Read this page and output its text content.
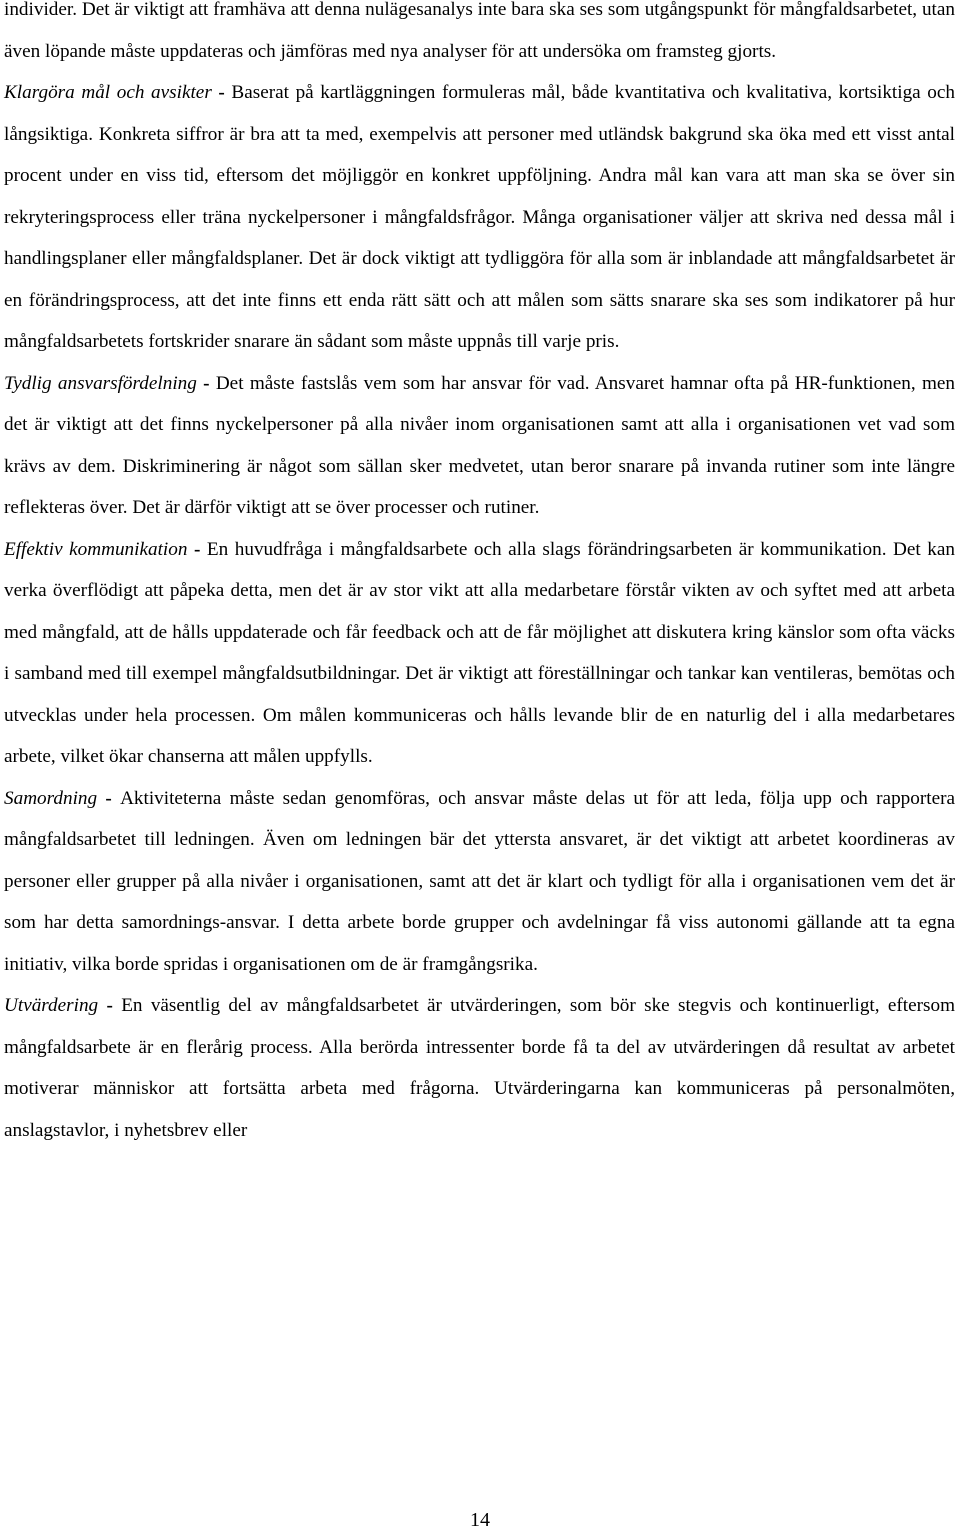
individer. Det är viktigt att framhäva att denna nulägesanalys inte bara ska ses som utgångspunkt för mångfaldsarbetet, utan även löpande måste uppdateras och jämföras med nya analyser för att undersöka om framsteg gjorts.

Klargöra mål och avsikter - Baserat på kartläggningen formuleras mål, både kvantitativa och kvalitativa, kortsiktiga och långsiktiga. Konkreta siffror är bra att ta med, exempelvis att personer med utländsk bakgrund ska öka med ett visst antal procent under en viss tid, eftersom det möjliggör en konkret uppföljning. Andra mål kan vara att man ska se över sin rekryteringsprocess eller träna nyckelpersoner i mångfaldsfrågor. Många organisationer väljer att skriva ned dessa mål i handlingsplaner eller mångfaldsplaner. Det är dock viktigt att tydliggöra för alla som är inblandade att mångfaldsarbetet är en förändringsprocess, att det inte finns ett enda rätt sätt och att målen som sätts snarare ska ses som indikatorer på hur mångfaldsarbetets fortskrider snarare än sådant som måste uppnås till varje pris.

Tydlig ansvarsfördelning - Det måste fastslås vem som har ansvar för vad. Ansvaret hamnar ofta på HR-funktionen, men det är viktigt att det finns nyckelpersoner på alla nivåer inom organisationen samt att alla i organisationen vet vad som krävs av dem. Diskriminering är något som sällan sker medvetet, utan beror snarare på invanda rutiner som inte längre reflekteras över. Det är därför viktigt att se över processer och rutiner.

Effektiv kommunikation - En huvudfråga i mångfaldsarbete och alla slags förändringsarbeten är kommunikation. Det kan verka överflödigt att påpeka detta, men det är av stor vikt att alla medarbetare förstår vikten av och syftet med att arbeta med mångfald, att de hålls uppdaterade och får feedback och att de får möjlighet att diskutera kring känslor som ofta väcks i samband med till exempel mångfaldsutbildningar. Det är viktigt att föreställningar och tankar kan ventileras, bemötas och utvecklas under hela processen. Om målen kommuniceras och hålls levande blir de en naturlig del i alla medarbetares arbete, vilket ökar chanserna att målen uppfylls.

Samordning - Aktiviteterna måste sedan genomföras, och ansvar måste delas ut för att leda, följa upp och rapportera mångfaldsarbetet till ledningen. Även om ledningen bär det yttersta ansvaret, är det viktigt att arbetet koordineras av personer eller grupper på alla nivåer i organisationen, samt att det är klart och tydligt för alla i organisationen vem det är som har detta samordnings-ansvar. I detta arbete borde grupper och avdelningar få viss autonomi gällande att ta egna initiativ, vilka borde spridas i organisationen om de är framgångsrika.

Utvärdering - En väsentlig del av mångfaldsarbetet är utvärderingen, som bör ske stegvis och kontinuerligt, eftersom mångfaldsarbete är en flerårig process. Alla berörda intressenter borde få ta del av utvärderingen då resultat av arbetet motiverar människor att fortsätta arbeta med frågorna. Utvärderingarna kan kommuniceras på personalmöten, anslagstavlor, i nyhetsbrev eller

14
